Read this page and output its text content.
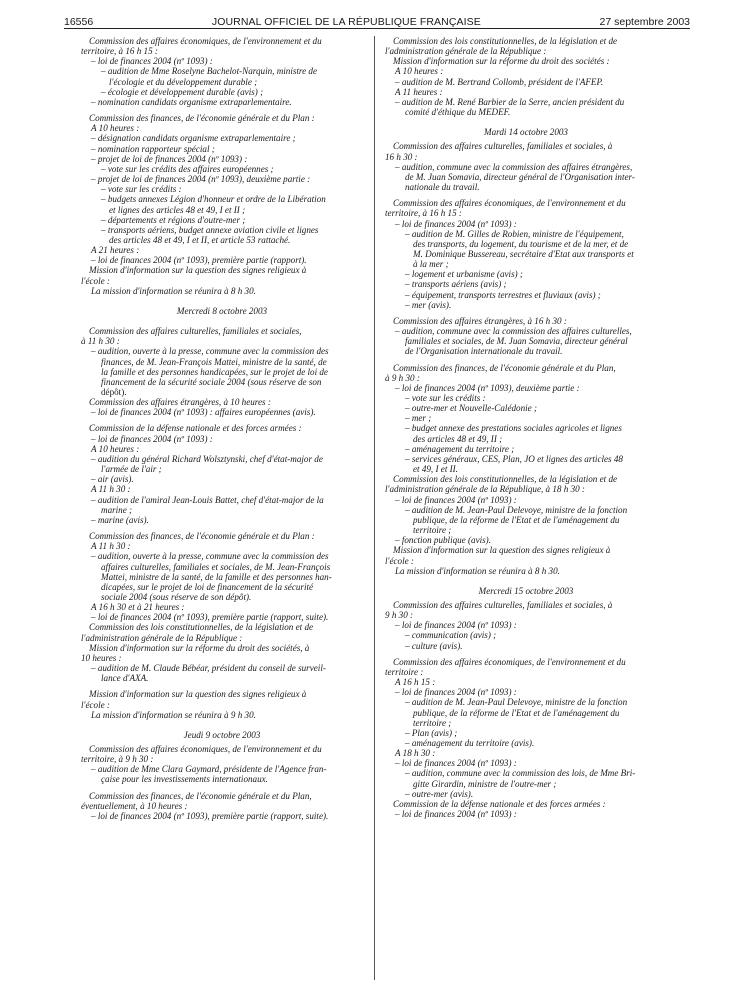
16556	JOURNAL OFFICIEL DE LA RÉPUBLIQUE FRANÇAISE	27 septembre 2003
Commission des affaires économiques, de l'environnement et du
territoire, à 16 h 15 :
– loi de finances 2004 (nº 1093) :
– audition de Mme Roselyne Bachelot-Narquin, ministre de
l'écologie et du développement durable ;
– écologie et développement durable (avis) ;
– nomination candidats organisme extraparlementaire.
Commission des finances, de l'économie générale et du Plan :
A 10 heures :
– désignation candidats organisme extraparlementaire ;
– nomination rapporteur spécial ;
– projet de loi de finances 2004 (nº 1093) :
– vote sur les crédits des affaires européennes ;
– projet de loi de finances 2004 (nº 1093), deuxième partie :
– vote sur les crédits :
– budgets annexes Légion d'honneur et ordre de la Libération
et lignes des articles 48 et 49, I et II ;
– départements et régions d'outre-mer ;
– transports aériens, budget annexe aviation civile et lignes
des articles 48 et 49, I et II, et article 53 rattaché.
A 21 heures :
– loi de finances 2004 (nº 1093), première partie (rapport).
Mission d'information sur la question des signes religieux à
l'école :
La mission d'information se réunira à 8 h 30.
Mercredi 8 octobre 2003
Commission des affaires culturelles, familiales et sociales,
à 11 h 30 :
– audition, ouverte à la presse, commune avec la commission des
finances, de M. Jean-François Mattei, ministre de la santé, de
la famille et des personnes handicapées, sur le projet de loi de
financement de la sécurité sociale 2004 (sous réserve de son
dépôt).
Commission des affaires étrangères, à 10 heures :
– loi de finances 2004 (nº 1093) : affaires européennes (avis).
Commission de la défense nationale et des forces armées :
– loi de finances 2004 (nº 1093) :
A 10 heures :
– audition du général Richard Wolsztynski, chef d'état-major de
l'armée de l'air ;
– air (avis).
A 11 h 30 :
– audition de l'amiral Jean-Louis Battet, chef d'état-major de la
marine ;
– marine (avis).
Commission des finances, de l'économie générale et du Plan :
A 11 h 30 :
– audition, ouverte à la presse, commune avec la commission des
affaires culturelles, familiales et sociales, de M. Jean-François
Mattei, ministre de la santé, de la famille et des personnes han-
dicapées, sur le projet de loi de financement de la sécurité
sociale 2004 (sous réserve de son dépôt).
A 16 h 30 et à 21 heures :
– loi de finances 2004 (nº 1093), première partie (rapport, suite).
Commission des lois constitutionnelles, de la législation et de
l'administration générale de la République :
Mission d'information sur la réforme du droit des sociétés, à
10 heures :
– audition de M. Claude Bébéar, président du conseil de surveil-
lance d'AXA.
Mission d'information sur la question des signes religieux à
l'école :
La mission d'information se réunira à 9 h 30.
Jeudi 9 octobre 2003
Commission des affaires économiques, de l'environnement et du
territoire, à 9 h 30 :
– audition de Mme Clara Gaymard, présidente de l'Agence fran-
çaise pour les investissements internationaux.
Commission des finances, de l'économie générale et du Plan,
éventuellement, à 10 heures :
– loi de finances 2004 (nº 1093), première partie (rapport, suite).
Commission des lois constitutionnelles, de la législation et de
l'administration générale de la République :
Mission d'information sur la réforme du droit des sociétés :
A 10 heures :
– audition de M. Bertrand Collomb, président de l'AFEP.
A 11 heures :
– audition de M. René Barbier de la Serre, ancien président du
comité d'éthique du MEDEF.
Mardi 14 octobre 2003
Commission des affaires culturelles, familiales et sociales, à
16 h 30 :
– audition, commune avec la commission des affaires étrangères,
de M. Juan Somavia, directeur général de l'Organisation inter-
nationale du travail.
Commission des affaires économiques, de l'environnement et du
territoire, à 16 h 15 :
– loi de finances 2004 (nº 1093) :
– audition de M. Gilles de Robien, ministre de l'équipement,
des transports, du logement, du tourisme et de la mer, et de
M. Dominique Bussereau, secrétaire d'Etat aux transports et
à la mer ;
– logement et urbanisme (avis) ;
– transports aériens (avis) ;
– équipement, transports terrestres et fluviaux (avis) ;
– mer (avis).
Commission des affaires étrangères, à 16 h 30 :
– audition, commune avec la commission des affaires culturelles,
familiales et sociales, de M. Juan Somavia, directeur général
de l'Organisation internationale du travail.
Commission des finances, de l'économie générale et du Plan,
à 9 h 30 :
– loi de finances 2004 (nº 1093), deuxième partie :
– vote sur les crédits :
– outre-mer et Nouvelle-Calédonie ;
– mer ;
– budget annexe des prestations sociales agricoles et lignes
des articles 48 et 49, II ;
– aménagement du territoire ;
– services généraux, CES, Plan, JO et lignes des articles 48
et 49, I et II.
Commission des lois constitutionnelles, de la législation et de
l'administration générale de la République, à 18 h 30 :
– loi de finances 2004 (nº 1093) :
– audition de M. Jean-Paul Delevoye, ministre de la fonction
publique, de la réforme de l'Etat et de l'aménagement du
territoire ;
– fonction publique (avis).
Mission d'information sur la question des signes religieux à
l'école :
La mission d'information se réunira à 8 h 30.
Mercredi 15 octobre 2003
Commission des affaires culturelles, familiales et sociales, à
9 h 30 :
– loi de finances 2004 (nº 1093) :
– communication (avis) ;
– culture (avis).
Commission des affaires économiques, de l'environnement et du
territoire :
A 16 h 15 :
– loi de finances 2004 (nº 1093) :
– audition de M. Jean-Paul Delevoye, ministre de la fonction
publique, de la réforme de l'Etat et de l'aménagement du
territoire ;
– Plan (avis) ;
– aménagement du territoire (avis).
A 18 h 30 :
– loi de finances 2004 (nº 1093) :
– audition, commune avec la commission des lois, de Mme Bri-
gitte Girardin, ministre de l'outre-mer ;
– outre-mer (avis).
Commission de la défense nationale et des forces armées :
– loi de finances 2004 (nº 1093) :
